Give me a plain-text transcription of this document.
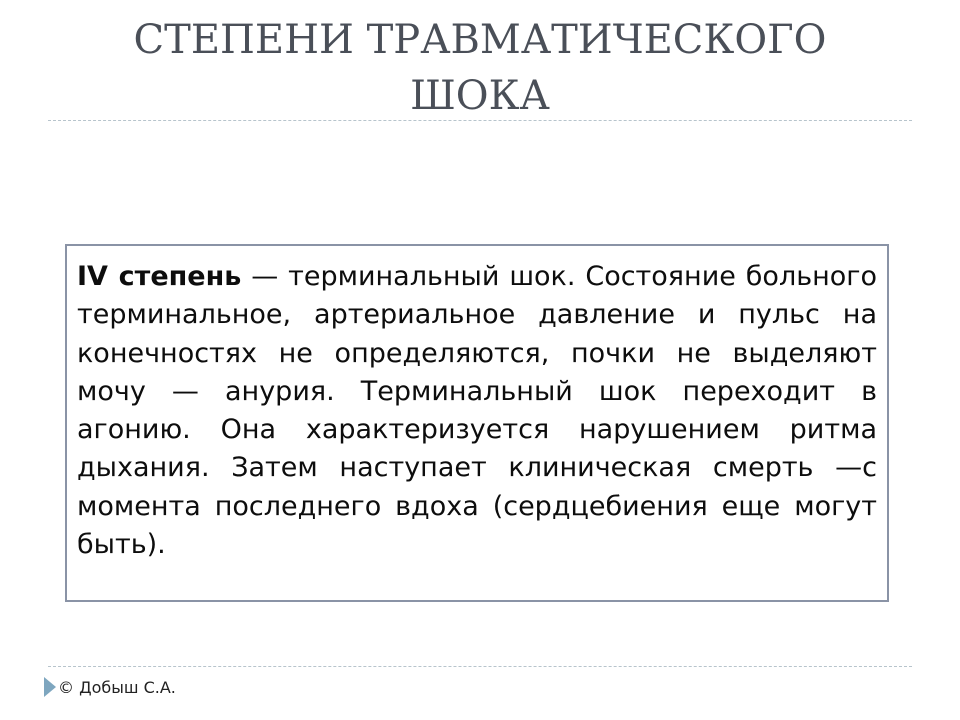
СТЕПЕНИ ТРАВМАТИЧЕСКОГО
ШОКА
IV степень — терминальный шок. Состояние больного терминальное, артериальное давление и пульс на конечностях не определяются, почки не выделяют мочу — анурия. Терминальный шок переходит в агонию. Она характеризуется нарушением ритма дыхания. Затем наступает клиническая смерть —с момента последнего вдоха (сердцебиения еще могут быть).
© Добыш С.А.
